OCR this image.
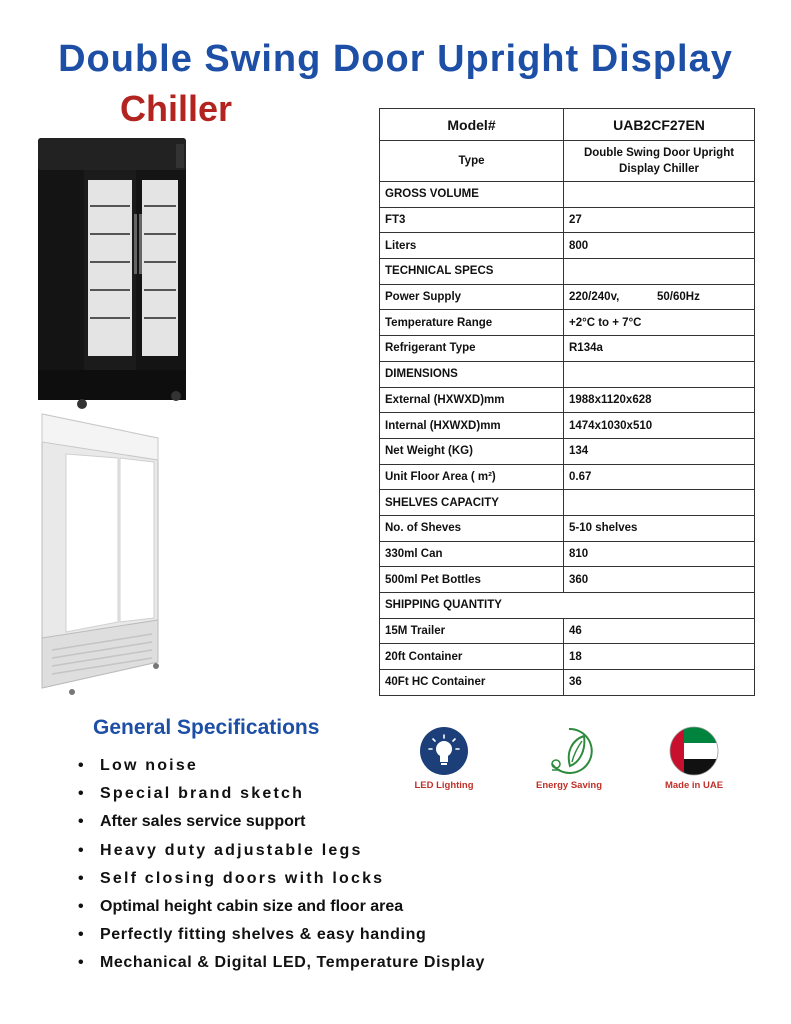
Double Swing Door Upright Display
Chiller	Model#	UAB2CF27EN
Type	Double Swing Door Upright Display Chiller
GROSS VOLUME	
FT3	27
Liters	800
TECHNICAL SPECS	
Power Supply	220/240v, 50/60Hz
Temperature Range	+2°C to + 7°C
Refrigerant Type	R134a
DIMENSIONS	
External (HXWXD)mm	1988x1120x628
Internal (HXWXD)mm	1474x1030x510
Net Weight (KG)	134
Unit Floor Area ( m²)	0.67
SHELVES CAPACITY	
No. of Sheves	5-10 shelves
330ml Can	810
500ml Pet Bottles	360
SHIPPING QUANTITY	
15M Trailer	46
20ft Container	18
40Ft HC Container	36
General Specifications
• Low noise
• Special brand sketch
• After sales service support
• Heavy duty adjustable legs
• Self closing doors with locks
• Optimal height cabin size and floor area
• Perfectly fitting shelves & easy handing
• Mechanical & Digital LED, Temperature Display
LED Lighting	Energy Saving	Made in UAE
